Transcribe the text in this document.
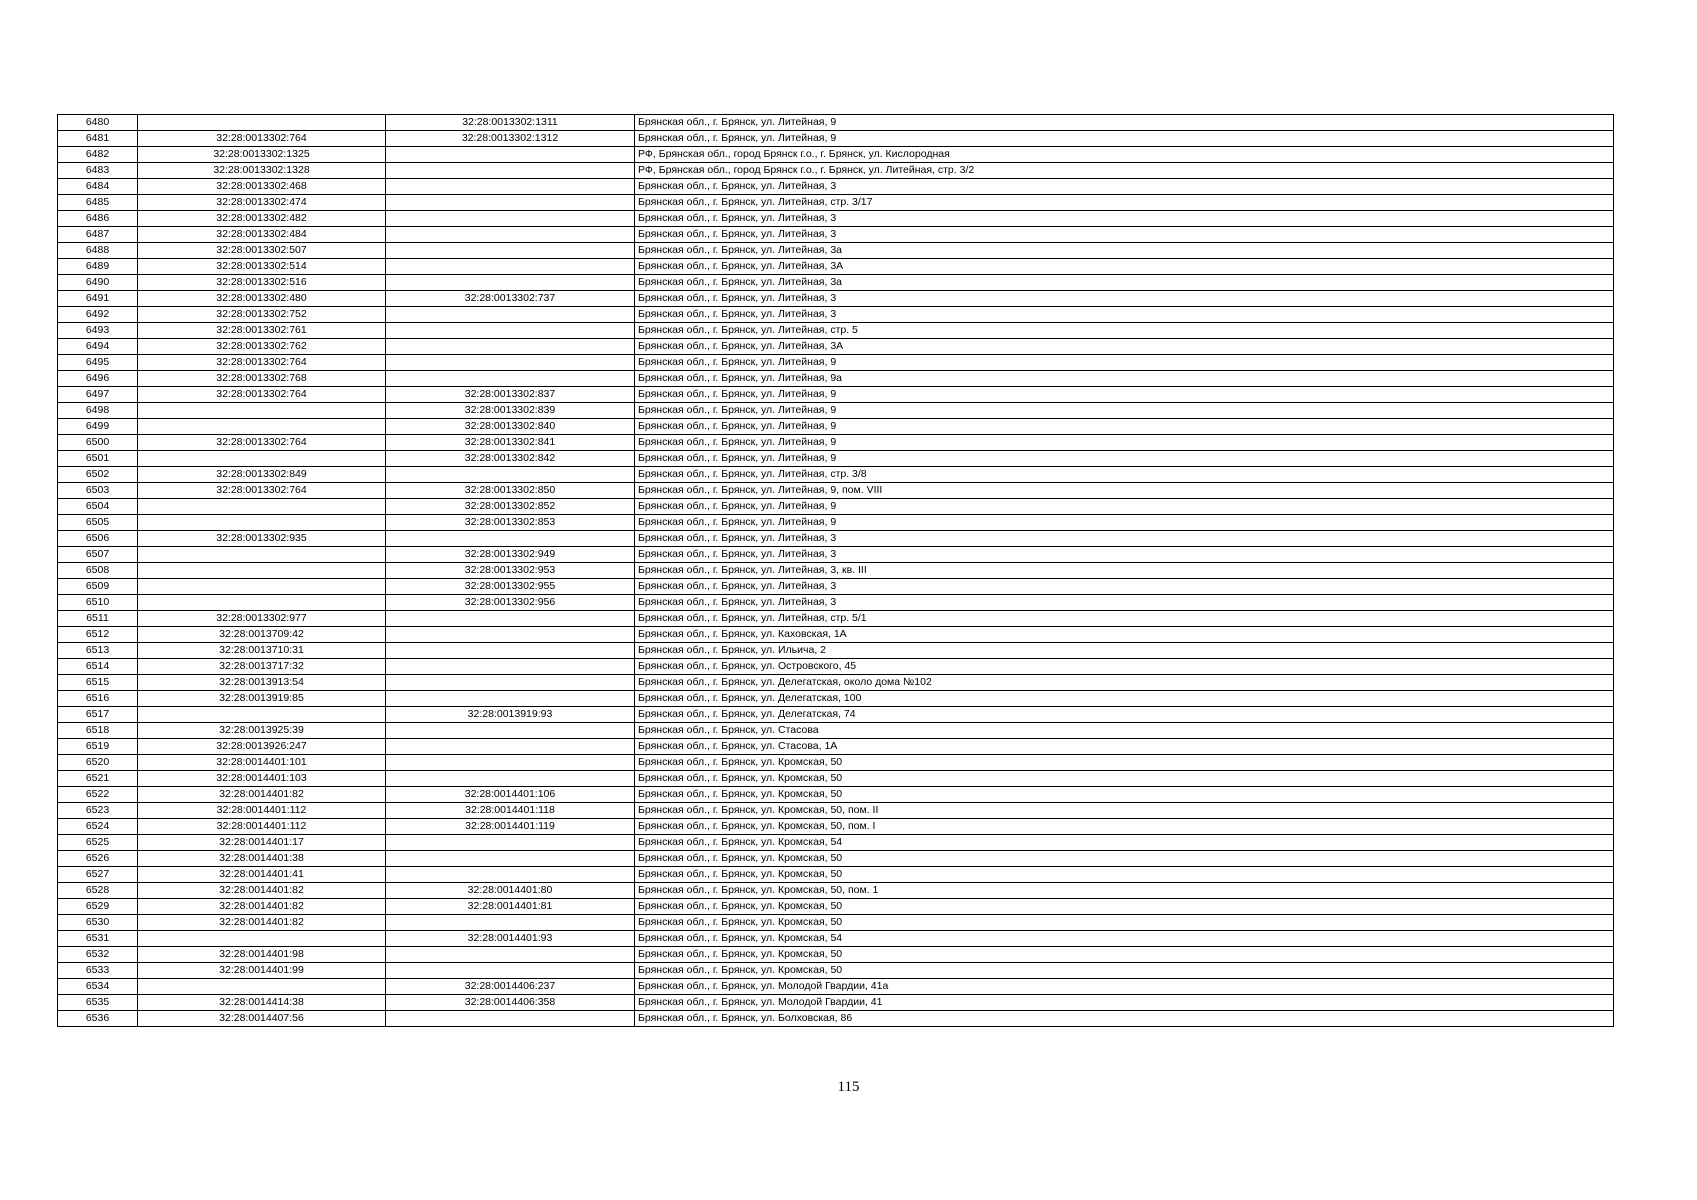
6480		32:28:0013302:1311	Брянская обл., г. Брянск, ул. Литейная, 9
6481	32:28:0013302:764	32:28:0013302:1312	Брянская обл., г. Брянск, ул. Литейная, 9
6482	32:28:0013302:1325		РФ, Брянская обл., город Брянск г.о., г. Брянск, ул. Кислородная
6483	32:28:0013302:1328		РФ, Брянская обл., город Брянск г.о., г. Брянск, ул. Литейная, стр. 3/2
6484	32:28:0013302:468		Брянская обл., г. Брянск, ул. Литейная, 3
6485	32:28:0013302:474		Брянская обл., г. Брянск, ул. Литейная, стр. 3/17
6486	32:28:0013302:482		Брянская обл., г. Брянск, ул. Литейная, 3
6487	32:28:0013302:484		Брянская обл., г. Брянск, ул. Литейная, 3
6488	32:28:0013302:507		Брянская обл., г. Брянск, ул. Литейная, 3а
6489	32:28:0013302:514		Брянская обл., г. Брянск, ул. Литейная, 3А
6490	32:28:0013302:516		Брянская обл., г. Брянск, ул. Литейная, 3а
6491	32:28:0013302:480	32:28:0013302:737	Брянская обл., г. Брянск, ул. Литейная, 3
6492	32:28:0013302:752		Брянская обл., г. Брянск, ул. Литейная, 3
6493	32:28:0013302:761		Брянская обл., г. Брянск, ул. Литейная, стр. 5
6494	32:28:0013302:762		Брянская обл., г. Брянск, ул. Литейная, 3А
6495	32:28:0013302:764		Брянская обл., г. Брянск, ул. Литейная, 9
6496	32:28:0013302:768		Брянская обл., г. Брянск, ул. Литейная, 9а
6497	32:28:0013302:764	32:28:0013302:837	Брянская обл., г. Брянск, ул. Литейная, 9
6498		32:28:0013302:839	Брянская обл., г. Брянск, ул. Литейная, 9
6499		32:28:0013302:840	Брянская обл., г. Брянск, ул. Литейная, 9
6500	32:28:0013302:764	32:28:0013302:841	Брянская обл., г. Брянск, ул. Литейная, 9
6501		32:28:0013302:842	Брянская обл., г. Брянск, ул. Литейная, 9
6502	32:28:0013302:849		Брянская обл., г. Брянск, ул. Литейная, стр. 3/8
6503	32:28:0013302:764	32:28:0013302:850	Брянская обл., г. Брянск, ул. Литейная, 9, пом. VIII
6504		32:28:0013302:852	Брянская обл., г. Брянск, ул. Литейная, 9
6505		32:28:0013302:853	Брянская обл., г. Брянск, ул. Литейная, 9
6506	32:28:0013302:935		Брянская обл., г. Брянск, ул. Литейная, 3
6507		32:28:0013302:949	Брянская обл., г. Брянск, ул. Литейная, 3
6508		32:28:0013302:953	Брянская обл., г. Брянск, ул. Литейная, 3, кв. III
6509		32:28:0013302:955	Брянская обл., г. Брянск, ул. Литейная, 3
6510		32:28:0013302:956	Брянская обл., г. Брянск, ул. Литейная, 3
6511	32:28:0013302:977		Брянская обл., г. Брянск, ул. Литейная, стр. 5/1
6512	32:28:0013709:42		Брянская обл., г. Брянск, ул. Каховская, 1А
6513	32:28:0013710:31		Брянская обл., г. Брянск, ул. Ильича, 2
6514	32:28:0013717:32		Брянская обл., г. Брянск, ул. Островского, 45
6515	32:28:0013913:54		Брянская обл., г. Брянск, ул. Делегатская, около дома №102
6516	32:28:0013919:85		Брянская обл., г. Брянск, ул. Делегатская, 100
6517		32:28:0013919:93	Брянская обл., г. Брянск, ул. Делегатская, 74
6518	32:28:0013925:39		Брянская обл., г. Брянск, ул. Стасова
6519	32:28:0013926:247		Брянская обл., г. Брянск, ул. Стасова, 1А
6520	32:28:0014401:101		Брянская обл., г. Брянск, ул. Кромская, 50
6521	32:28:0014401:103		Брянская обл., г. Брянск, ул. Кромская, 50
6522	32:28:0014401:82	32:28:0014401:106	Брянская обл., г. Брянск, ул. Кромская, 50
6523	32:28:0014401:112	32:28:0014401:118	Брянская обл., г. Брянск, ул. Кромская, 50, пом. II
6524	32:28:0014401:112	32:28:0014401:119	Брянская обл., г. Брянск, ул. Кромская, 50, пом. I
6525	32:28:0014401:17		Брянская обл., г. Брянск, ул. Кромская, 54
6526	32:28:0014401:38		Брянская обл., г. Брянск, ул. Кромская, 50
6527	32:28:0014401:41		Брянская обл., г. Брянск, ул. Кромская, 50
6528	32:28:0014401:82	32:28:0014401:80	Брянская обл., г. Брянск, ул. Кромская, 50, пом. 1
6529	32:28:0014401:82	32:28:0014401:81	Брянская обл., г. Брянск, ул. Кромская, 50
6530	32:28:0014401:82		Брянская обл., г. Брянск, ул. Кромская, 50
6531		32:28:0014401:93	Брянская обл., г. Брянск, ул. Кромская, 54
6532	32:28:0014401:98		Брянская обл., г. Брянск, ул. Кромская, 50
6533	32:28:0014401:99		Брянская обл., г. Брянск, ул. Кромская, 50
6534		32:28:0014406:237	Брянская обл., г. Брянск, ул. Молодой Гвардии, 41а
6535	32:28:0014414:38	32:28:0014406:358	Брянская обл., г. Брянск, ул. Молодой Гвардии, 41
6536	32:28:0014407:56		Брянская обл., г. Брянск, ул. Болховская, 86
115
